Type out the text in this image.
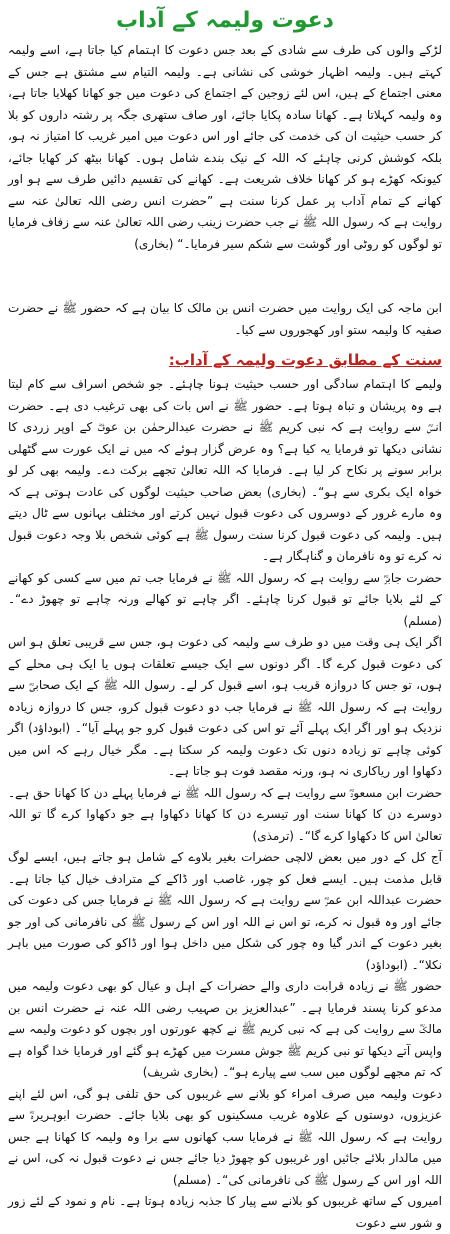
دعوت ولیمہ کے آداب

لڑکے والوں کی طرف سے شادی کے بعد جس دعوت کا اہتمام کیا جاتا ہے، اسے ولیمہ کہتے ہیں۔ ولیمہ اظہار خوشی کی نشانی ہے۔ ولیمہ التیام سے مشتق ہے جس کے معنی اجتماع کے ہیں، اس لئے زوجین کے اجتماع کی دعوت میں جو کھانا کھلایا جاتا ہے، وہ ولیمہ کہلاتا ہے۔ کھانا سادہ پکایا جائے، اور صاف ستھری جگہ پر رشتہ داروں کو بلا کر حسب حیثیت ان کی خدمت کی جائے اور اس دعوت میں امیر غریب کا امتیاز نہ ہو، بلکہ کوشش کرنی چاہئے کہ اللہ کے نیک بندے شامل ہوں۔ کھانا بیٹھ کر کھایا جائے، کیونکہ کھڑے ہو کر کھانا خلاف شریعت ہے۔ کھانے کی تقسیم دائیں طرف سے ہو اور کھانے کے تمام آداب پر عمل کرنا سنت ہے ”حضرت انس رضی اللہ تعالیٰ عنہ سے روایت ہے کہ رسول اللہ ﷺ نے جب حضرت زینب رضی اللہ تعالیٰ عنہ سے زفاف فرمایا تو لوگوں کو روٹی اور گوشت سے شکم سیر فرمایا۔“ (بخاری)

ابن ماجہ کی ایک روایت میں حضرت انس بن مالک کا بیان ہے کہ حضور ﷺ نے حضرت صفیہ کا ولیمہ ستو اور کھجوروں سے کیا۔

سنت کے مطابق دعوت ولیمہ کے آداب:

ولیمے کا اہتمام سادگی اور حسب حیثیت ہونا چاہئے۔ جو شخص اسراف سے کام لیتا ہے وہ پریشان و تباہ ہوتا ہے۔ حضور ﷺ نے اس بات کی بھی ترغیب دی ہے۔ حضرت انسؓ سے روایت ہے کہ نبی کریم ﷺ نے حضرت عبدالرحمٰن بن عوفؓ کے اوپر زردی کا نشانی دیکھا تو فرمایا یہ کیا ہے؟ وہ عرض گزار ہوئے کہ میں نے ایک عورت سے گٹھلی برابر سونے پر نکاح کر لیا ہے۔ فرمایا کہ اللہ تعالیٰ تجھے برکت دے۔ ولیمہ بھی کر لو خواہ ایک بکری سے ہو“۔ (بخاری) بعض صاحب حیثیت لوگوں کی عادت ہوتی ہے کہ وہ مارے غرور کے دوسروں کی دعوت قبول نہیں کرتے اور مختلف بہانوں سے ٹال دیتے ہیں۔ ولیمہ کی دعوت قبول کرنا سنت رسول ﷺ ہے کوئی شخص بلا وجہ دعوت قبول نہ کرے تو وہ نافرمان و گناہگار ہے۔

حضرت جابرؓ سے روایت ہے کہ رسول اللہ ﷺ نے فرمایا جب تم میں سے کسی کو کھانے کے لئے بلایا جائے تو قبول کرنا چاہئے۔ اگر چاہے تو کھالے ورنہ چاہے تو چھوڑ دے“۔ (مسلم)

اگر ایک ہی وقت میں دو طرف سے ولیمہ کی دعوت ہو، جس سے قریبی تعلق ہو اس کی دعوت قبول کرے گا۔ اگر دونوں سے ایک جیسے تعلقات ہوں یا ایک ہی محلے کے ہوں، تو جس کا دروازہ قریب ہو، اسے قبول کر لے۔ رسول اللہ ﷺ کے ایک صحابیؓ سے روایت ہے کہ رسول اللہ ﷺ نے فرمایا جب دو دعوت قبول کرو، جس کا دروازہ زیادہ نزدیک ہو اور اگر ایک پہلے آئے تو اس کی دعوت قبول کرو جو پہلے آیا“۔ (ابوداؤد) اگر کوئی چاہے تو زیادہ دنوں تک دعوت ولیمہ کر سکتا ہے۔ مگر خیال رہے کہ اس میں دکھاوا اور ریاکاری نہ ہو، ورنہ مقصد فوت ہو جاتا ہے۔

حضرت ابن مسعودؓ سے روایت ہے کہ رسول اللہ ﷺ نے فرمایا پہلے دن کا کھانا حق ہے۔ دوسرے دن کا کھانا سنت اور تیسرے دن کا کھانا دکھاوا ہے جو دکھاوا کرے گا تو اللہ تعالیٰ اس کا دکھاوا کرے گا“۔ (ترمذی)

آج کل کے دور میں بعض لالچی حضرات بغیر بلاوے کے شامل ہو جاتے ہیں، ایسے لوگ قابل مذمت ہیں۔ ایسے فعل کو چور، غاصب اور ڈاکے کے مترادف خیال کیا جاتا ہے۔ حضرت عبداللہ ابن عمرؓ سے روایت ہے کہ رسول اللہ ﷺ نے فرمایا جس کی دعوت کی جائے اور وہ قبول نہ کرے، تو اس نے اللہ اور اس کے رسول ﷺ کی نافرمانی کی اور جو بغیر دعوت کے اندر گیا وہ چور کی شکل میں داخل ہوا اور ڈاکو کی صورت میں باہر نکلا“۔ (ابوداؤد)

حضور ﷺ نے زیادہ قرابت داری والے حضرات کے اہل و عیال کو بھی دعوت ولیمہ میں مدعو کرنا پسند فرمایا ہے۔ ”عبدالعزیز بن صہیب رضی اللہ عنہ نے حضرت انس بن مالکؓ سے روایت کی ہے کہ نبی کریم ﷺ نے کچھ عورتوں اور بچوں کو دعوت ولیمہ سے واپس آتے دیکھا تو نبی کریم ﷺ جوش مسرت میں کھڑے ہو گئے اور فرمایا خدا گواہ ہے کہ تم مجھے لوگوں میں سب سے پیارے ہو“۔ (بخاری شریف)

دعوت ولیمہ میں صرف امراء کو بلانے سے غریبوں کی حق تلفی ہو گی، اس لئے اپنے عزیزوں، دوستوں کے علاوہ غریب مسکینوں کو بھی بلایا جائے۔ حضرت ابوہریرہؓ سے روایت ہے کہ رسول اللہ ﷺ نے فرمایا سب کھانوں سے برا وہ ولیمہ کا کھانا ہے جس میں مالدار بلائے جائیں اور غریبوں کو چھوڑ دیا جائے جس نے دعوت قبول نہ کی، اس نے اللہ اور اس کے رسول ﷺ کی نافرمانی کی“۔ (مسلم)

امیروں کے ساتھ غریبوں کو بلانے سے پیار کا جذبہ زیادہ ہوتا ہے۔ نام و نمود کے لئے زور و شور سے دعوت
